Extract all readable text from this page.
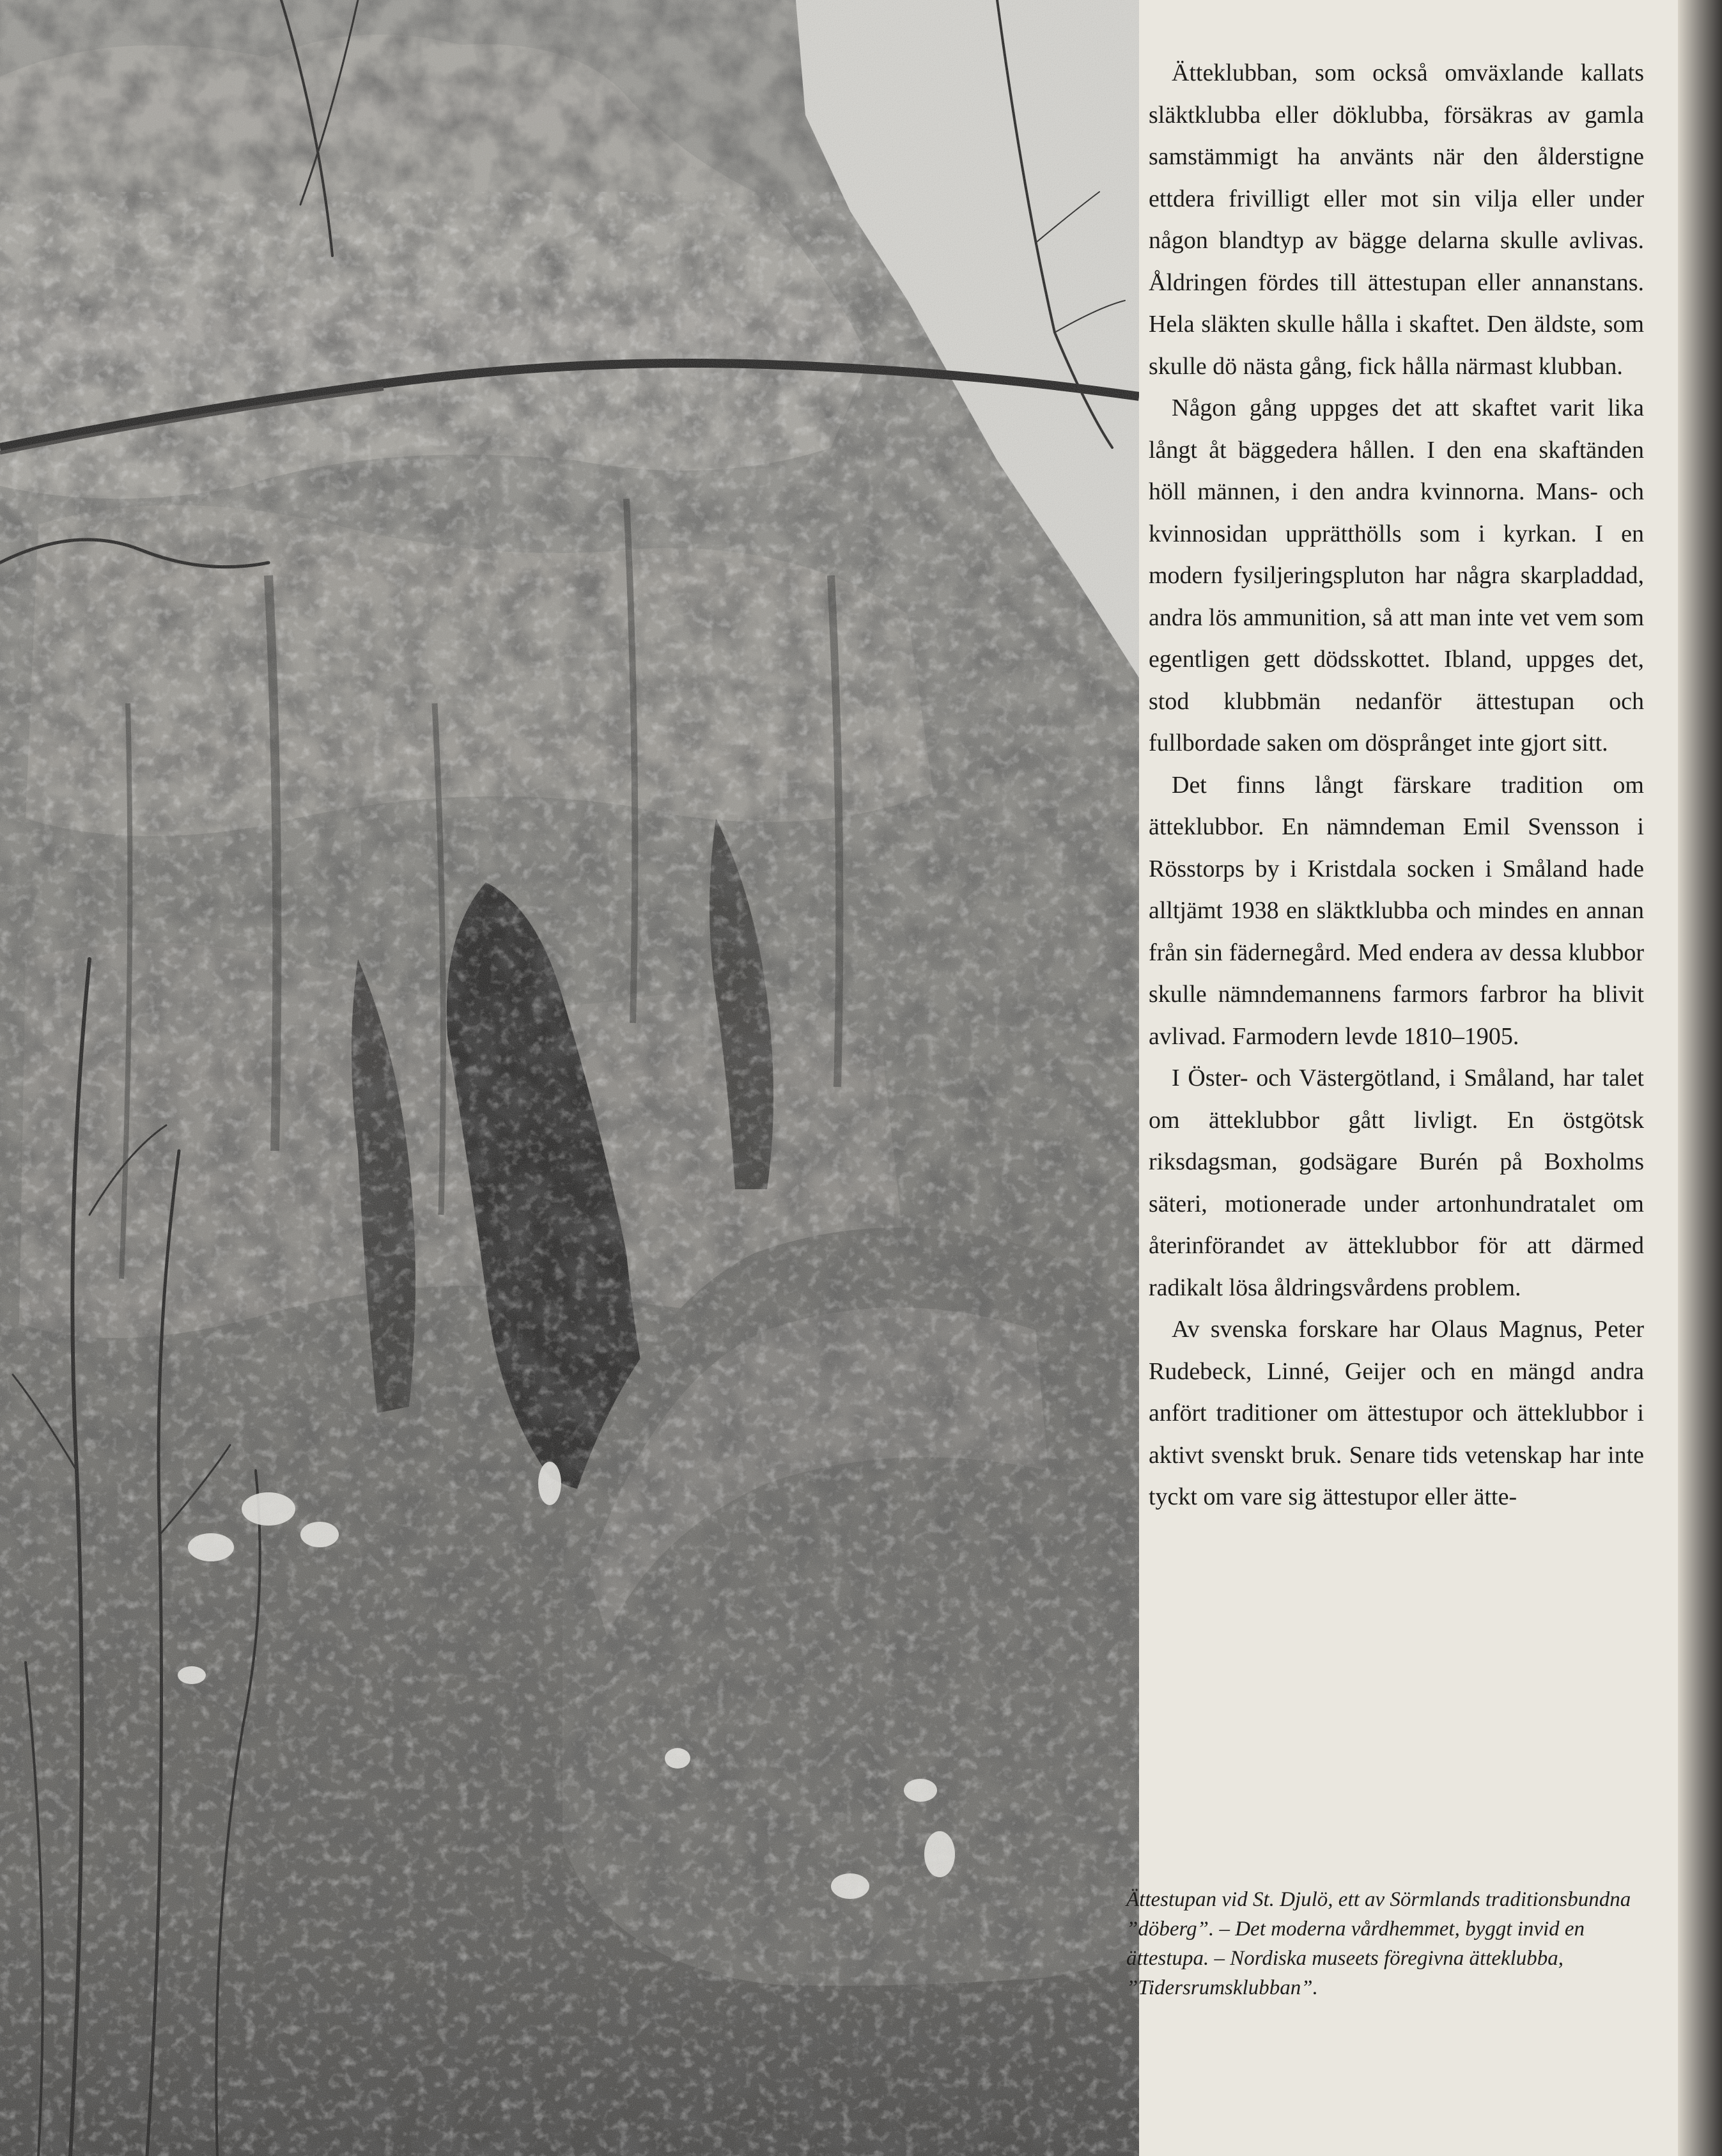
Ätteklubban, som också omväxlande kallats släktklubba eller döklubba, försäkras av gamla samstämmigt ha använts när den ålderstigne ettdera frivilligt eller mot sin vilja eller under någon blandtyp av bägge delarna skulle avlivas. Åldringen fördes till ättestupan eller annanstans. Hela släkten skulle hålla i skaftet. Den äldste, som skulle dö nästa gång, fick hålla närmast klubban.

Någon gång uppges det att skaftet varit lika långt åt bäggedera hållen. I den ena skaftänden höll männen, i den andra kvinnorna. Mans- och kvinnosidan upprätthölls som i kyrkan. I en modern fysiljeringspluton har några skarpladdad, andra lös ammunition, så att man inte vet vem som egentligen gett dödsskottet. Ibland, uppges det, stod klubbmän nedanför ättestupan och fullbordade saken om dösprånget inte gjort sitt.

Det finns långt färskare tradition om ätteklubbor. En nämndeman Emil Svensson i Rösstorps by i Kristdala socken i Småland hade alltjämt 1938 en släktklubba och mindes en annan från sin fädernegård. Med endera av dessa klubbor skulle nämndemannens farmors farbror ha blivit avlivad. Farmodern levde 1810–1905.

I Öster- och Västergötland, i Småland, har talet om ätteklubbor gått livligt. En östgötsk riksdagsman, godsägare Burén på Boxholms säteri, motionerade under artonhundratalet om återinförandet av ätteklubbor för att därmed radikalt lösa åldringsvårdens problem.

Av svenska forskare har Olaus Magnus, Peter Rudebeck, Linné, Geijer och en mängd andra anfört traditioner om ättestupor och ätteklubbor i aktivt svenskt bruk. Senare tids vetenskap har inte tyckt om vare sig ättestupor eller ätte-

Ättestupan vid St. Djulö, ett av Sörmlands traditionsbundna ”döberg”. – Det moderna vårdhemmet, byggt invid en ättestupa. – Nordiska museets föregivna ätteklubba, ”Tidersrumsklubban”.
